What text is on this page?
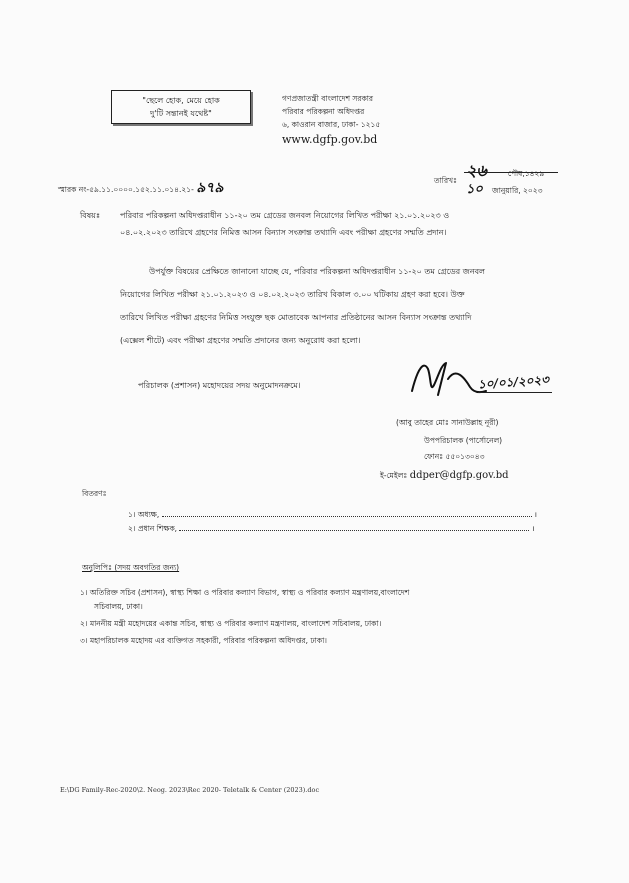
"ছেলে হোক, মেয়ে হোক
দু'টি সন্তানই যথেষ্ট"
গণপ্রজাতন্ত্রী বাংলাদেশ সরকার
পরিবার পরিকল্পনা অধিদপ্তর
৬, কাওরান বাজার, ঢাকা- ১২১৫
www.dgfp.gov.bd
স্মারক নং-৫৯.১১.০০০০.১৫২.১১.০১৪.২১- ৯৭৯	তারিখঃ
২৬	পৌষ,১৪২৯
১০ জানুয়ারি, ২০২৩
বিষয়ঃ পরিবার পরিকল্পনা অধিদপ্তরাধীন ১১-২০ তম গ্রেডের জনবল নিয়োগের লিখিত পরীক্ষা ২১.০১.২০২৩ ও
০৪.০২.২০২৩ তারিখে গ্রহণের নিমিত্ত আসন বিন্যাস সংক্রান্ত তথ্যাদি এবং পরীক্ষা গ্রহণের সম্মতি প্রদান।
উপর্যুক্ত বিষয়ের প্রেক্ষিতে জানানো যাচ্ছে যে, পরিবার পরিকল্পনা অধিদপ্তরাধীন ১১-২০ তম গ্রেডের জনবল
নিয়োগের লিখিত পরীক্ষা ২১.০১.২০২৩ ও ০৪.০২.২০২৩ তারিখ বিকাল ৩.০০ ঘটিকায় গ্রহণ করা হবে। উক্ত
তারিখে লিখিত পরীক্ষা গ্রহণের নিমিত্ত সংযুক্ত ছক মোতাবেক আপনার প্রতিষ্ঠানের আসন বিন্যাস সংক্রান্ত তথ্যাদি
(এক্সেল শীটে) এবং পরীক্ষা গ্রহণের সম্মতি প্রদানের জন্য অনুরোধ করা হলো।
পরিচালক (প্রশাসন) মহোদয়ের সদয় অনুমোদনক্রমে।	১০/০১/২০২৩
(আবু তাহের মোঃ সানাউল্লাহ নূরী)
উপপরিচালক (পার্সোনেল)
ফোনঃ ৫৫০১৩০৪৩
ই-মেইলঃ ddper@dgfp.gov.bd
বিতরণঃ
১। অধ্যক্ষ,	।
২। প্রধান শিক্ষক,	।
অনুলিপিঃ (সদয় অবগতির জন্য)
১। অতিরিক্ত সচিব (প্রশাসন), স্বাস্থ্য শিক্ষা ও পরিবার কল্যাণ বিভাগ, স্বাস্থ্য ও পরিবার কল্যাণ মন্ত্রণালয়,বাংলাদেশ
সচিবালয়, ঢাকা।
২। মাননীয় মন্ত্রী মহোদয়ের একান্ত সচিব, স্বাস্থ্য ও পরিবার কল্যাণ মন্ত্রণালয়, বাংলাদেশ সচিবালয়, ঢাকা।
৩। মহাপরিচালক মহোদয় এর ব্যক্তিগত সহকারী, পরিবার পরিকল্পনা অধিদপ্তর, ঢাকা।
E:\DG Family-Rec-2020\2. Neog. 2023\Rec 2020- Teletalk & Center (2023).doc
